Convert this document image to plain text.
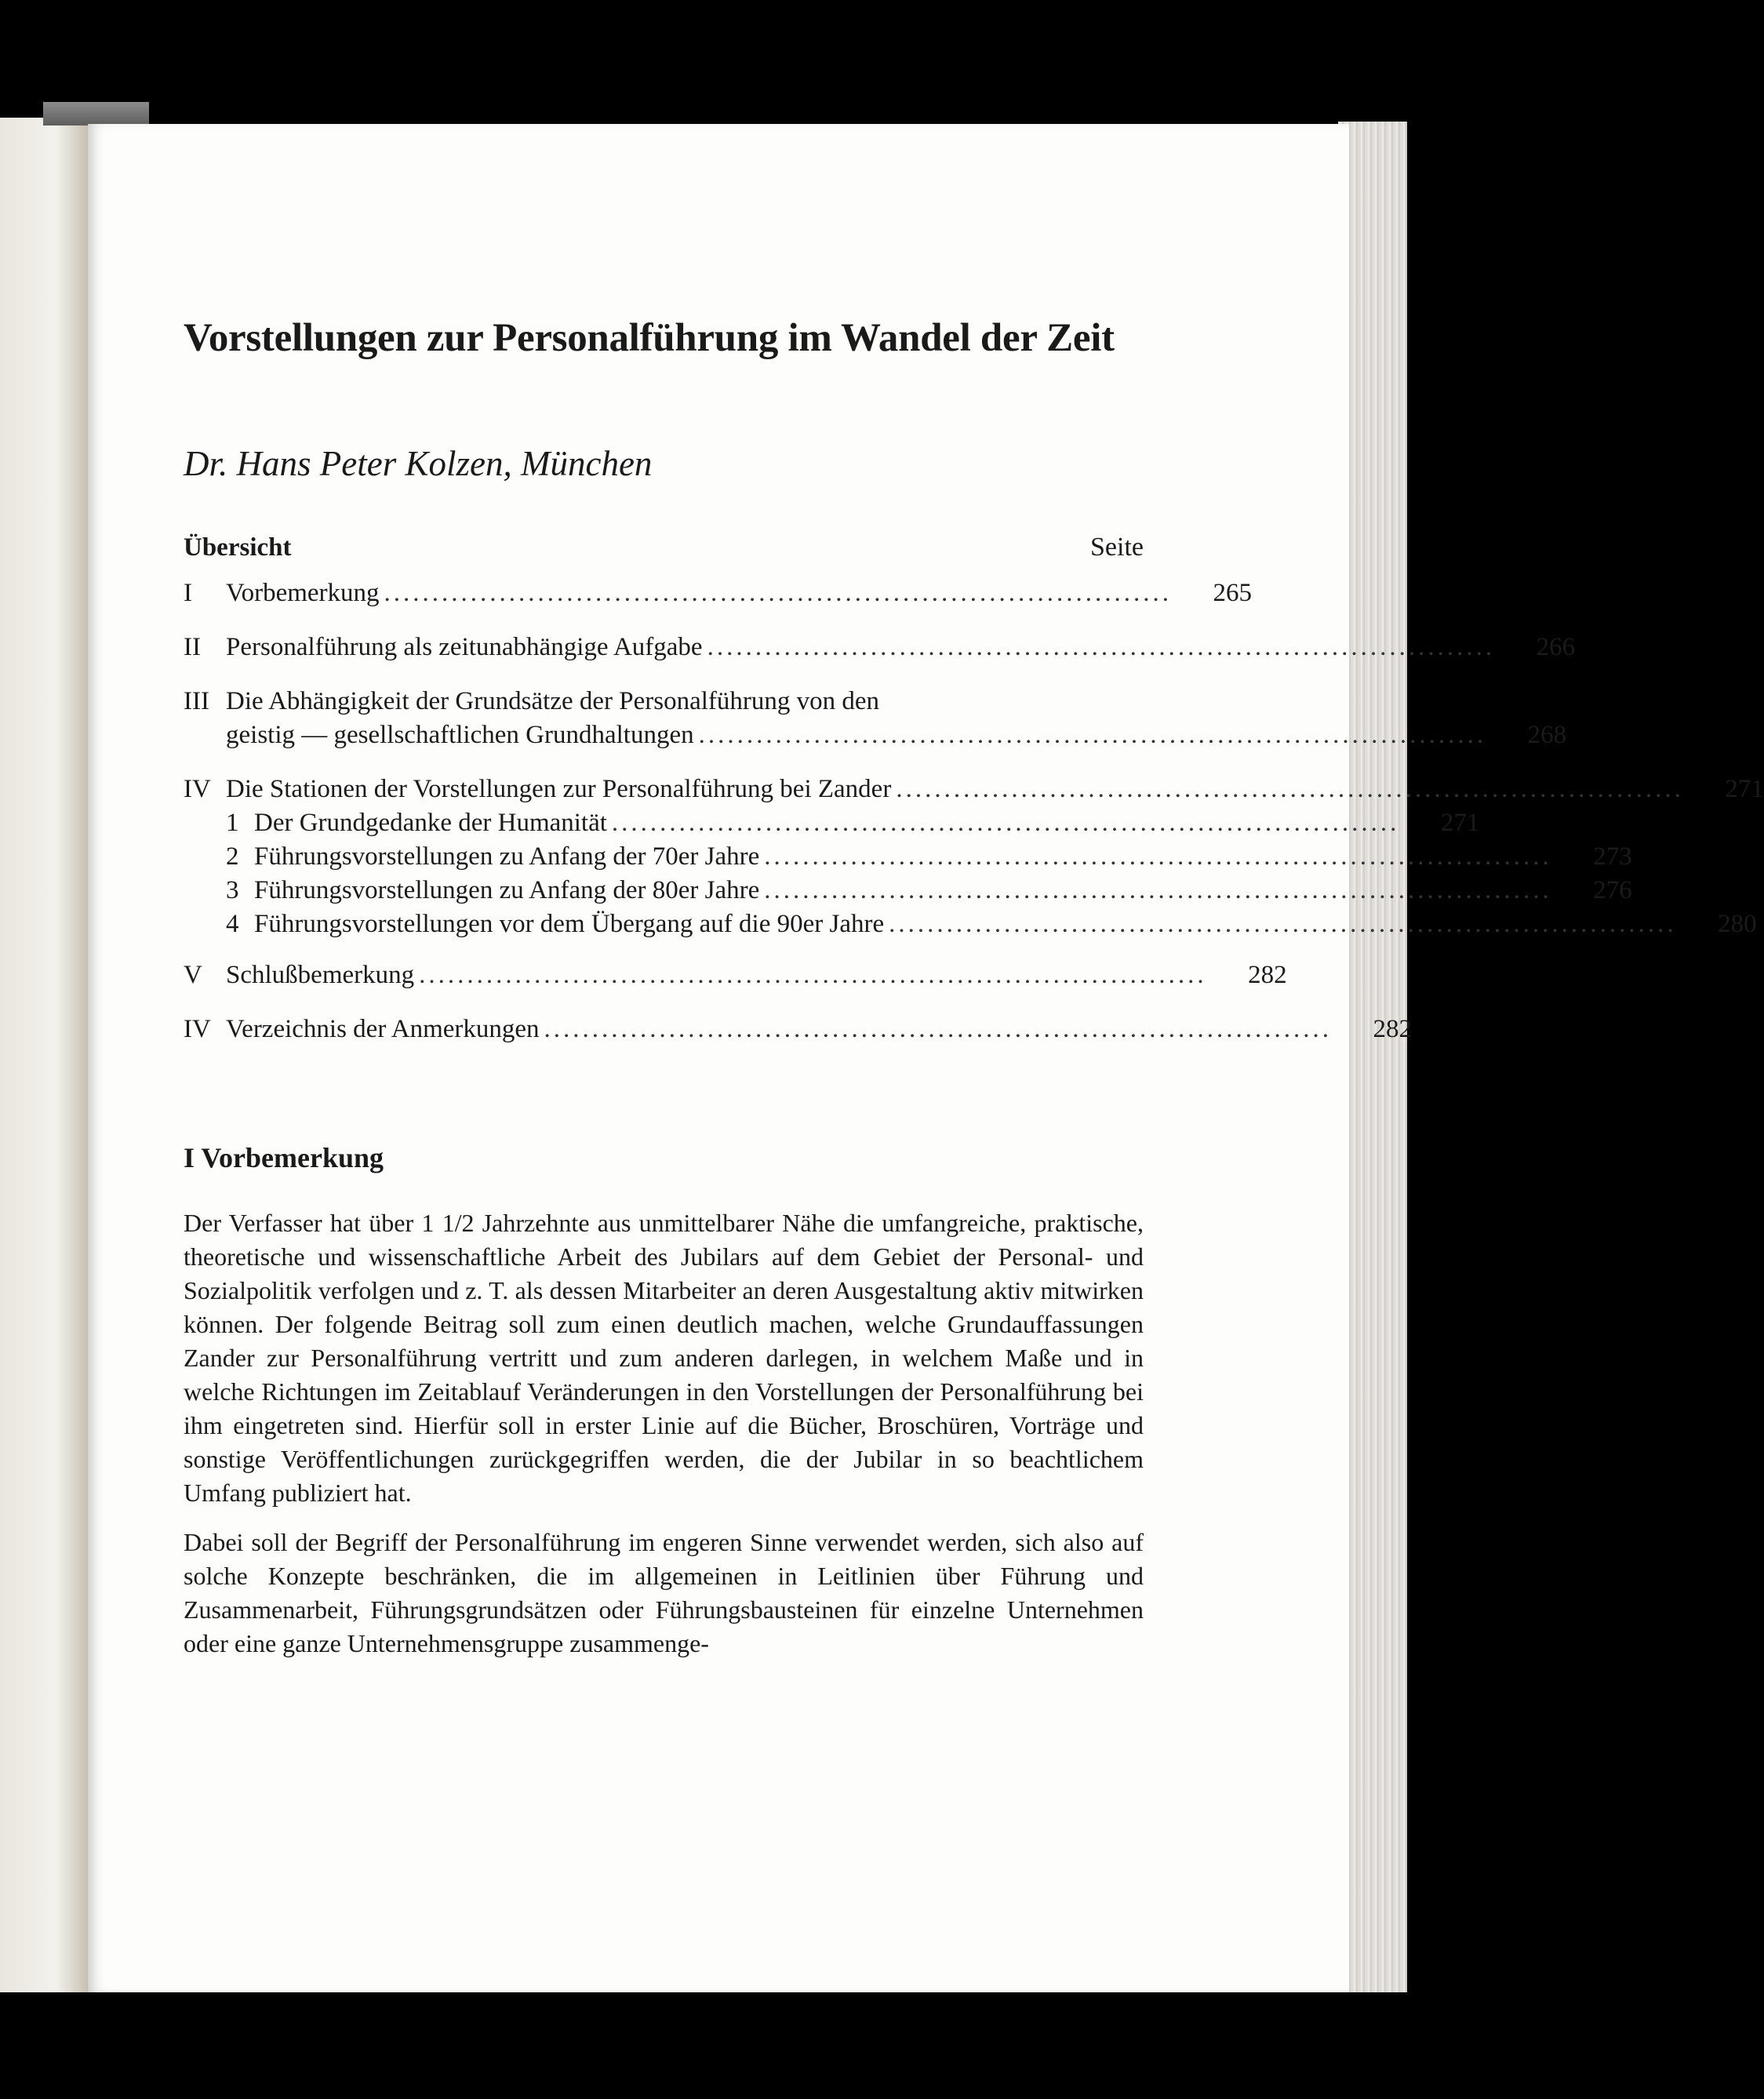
Vorstellungen zur Personalführung im Wandel der Zeit
Dr. Hans Peter Kolzen, München
Übersicht	Seite
I	Vorbemerkung ..................................................................................	265
II Personalführung als zeitunabhängige Aufgabe ..................................................................................	266
III Die Abhängigkeit der Grundsätze der Personalführung von den
geistig — gesellschaftlichen Grundhaltungen ..................................................................................	268
IV Die Stationen der Vorstellungen zur Personalführung bei Zander ..................................................................................	271
1 Der Grundgedanke der Humanität ..................................................................................	271
2 Führungsvorstellungen zu Anfang der 70er Jahre ..................................................................................	273
3 Führungsvorstellungen zu Anfang der 80er Jahre ..................................................................................	276
4 Führungsvorstellungen vor dem Übergang auf die 90er Jahre ..................................................................................	280
V Schlußbemerkung ..................................................................................	282
IV Verzeichnis der Anmerkungen ..................................................................................	282
I Vorbemerkung

Der Verfasser hat über 1 1/2 Jahrzehnte aus unmittelbarer Nähe die umfangreiche, praktische, theoretische und wissenschaftliche Arbeit des Jubilars auf dem Gebiet der Personal- und Sozialpolitik verfolgen und z. T. als dessen Mitarbeiter an deren Ausgestaltung aktiv mitwirken können. Der folgende Beitrag soll zum einen deutlich machen, welche Grundauffassungen Zander zur Personalführung vertritt und zum anderen darlegen, in welchem Maße und in welche Richtungen im Zeitablauf Veränderungen in den Vorstellungen der Personalführung bei ihm eingetreten sind. Hierfür soll in erster Linie auf die Bücher, Broschüren, Vorträge und sonstige Veröffentlichungen zurückgegriffen werden, die der Jubilar in so beachtlichem Umfang publiziert hat.

Dabei soll der Begriff der Personalführung im engeren Sinne verwendet werden, sich also auf solche Konzepte beschränken, die im allgemeinen in Leitlinien über Führung und Zusammenarbeit, Führungsgrundsätzen oder Führungsbausteinen für einzelne Unternehmen oder eine ganze Unternehmensgruppe zusammenge-
